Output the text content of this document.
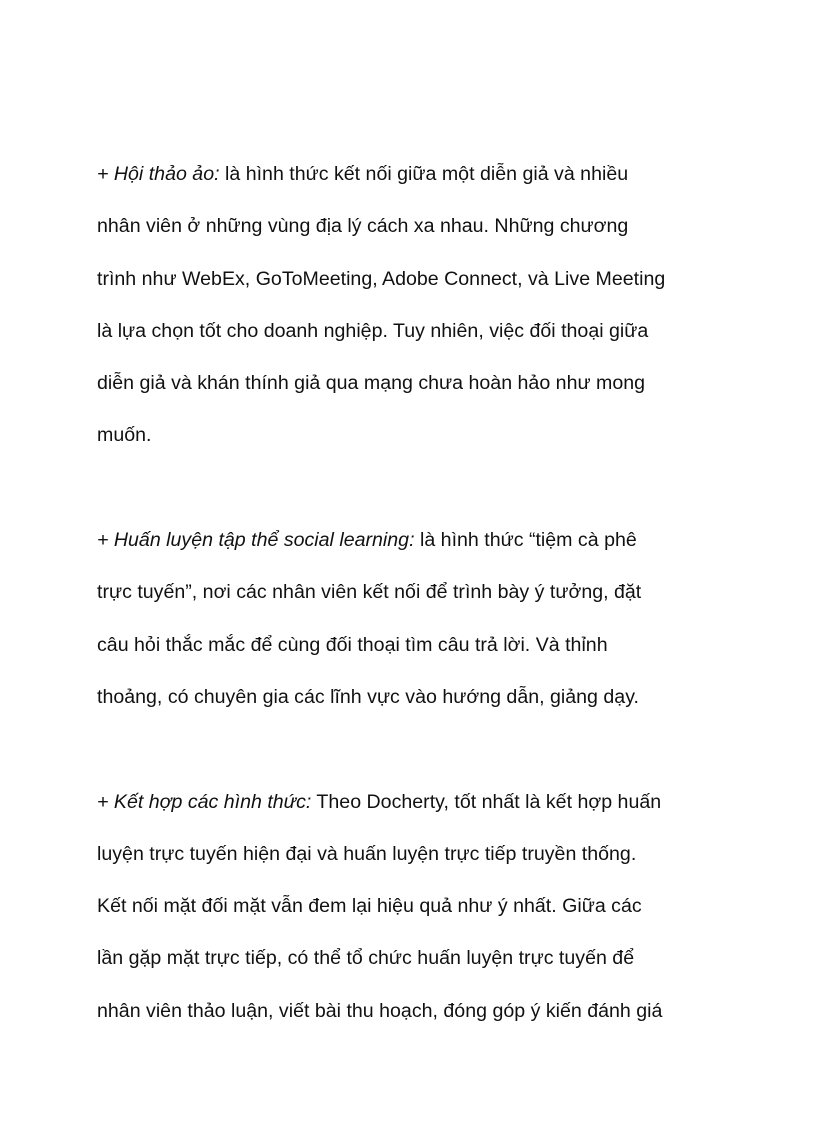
+ Hội thảo ảo: là hình thức kết nối giữa một diễn giả và nhiều
nhân viên ở những vùng địa lý cách xa nhau. Những chương
trình như WebEx, GoToMeeting, Adobe Connect, và Live Meeting
là lựa chọn tốt cho doanh nghiệp. Tuy nhiên, việc đối thoại giữa
diễn giả và khán thính giả qua mạng chưa hoàn hảo như mong
muốn.

+ Huấn luyện tập thể social learning: là hình thức “tiệm cà phê
trực tuyến”, nơi các nhân viên kết nối để trình bày ý tưởng, đặt
câu hỏi thắc mắc để cùng đối thoại tìm câu trả lời. Và thỉnh
thoảng, có chuyên gia các lĩnh vực vào hướng dẫn, giảng dạy.

+ Kết hợp các hình thức: Theo Docherty, tốt nhất là kết hợp huấn
luyện trực tuyến hiện đại và huấn luyện trực tiếp truyền thống.
Kết nối mặt đối mặt vẫn đem lại hiệu quả như ý nhất. Giữa các
lần gặp mặt trực tiếp, có thể tổ chức huấn luyện trực tuyến để
nhân viên thảo luận, viết bài thu hoạch, đóng góp ý kiến đánh giá
